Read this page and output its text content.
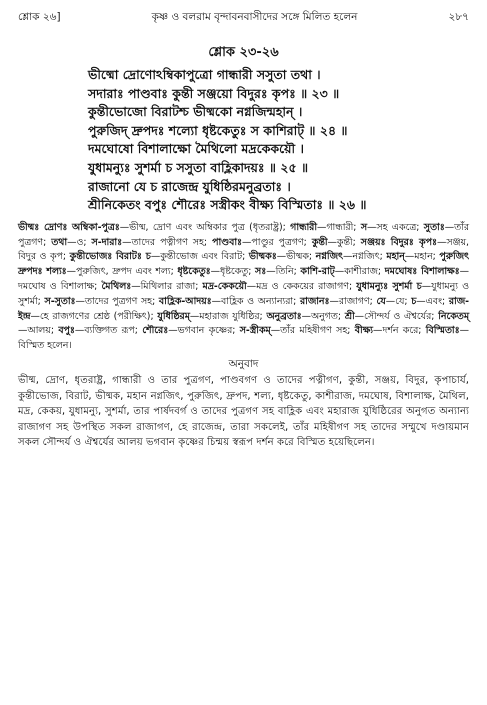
শ্লোক ২৬]	কৃষ্ণ ও বলরাম বৃন্দাবনবাসীদের সঙ্গে মিলিত হলেন	২৮৭
শ্লোক ২৩-২৬
ভীষ্মো দ্রোণোঽম্বিকাপুত্রো গান্ধারী সসুতা তথা ।
সদারাঃ পাণ্ডবাঃ কুন্তী সঞ্জয়ো বিদুরঃ কৃপঃ ॥ ২৩ ॥
কুন্তীভোজো বিরাটশ্চ ভীষ্মকো নগ্নজিন্মহান্ ।
পুরুজিদ্ দ্রুপদঃ শল্যো ধৃষ্টকেতুঃ স কাশিরাট্ ॥ ২৪ ॥
দমঘোষো বিশালাক্ষো মৈথিলো মদ্রকেকয়ৌ ।
যুধামন্যুঃ সুশর্মা চ সসুতা বাহ্লিকাদয়ঃ ॥ ২৫ ॥
রাজানো যে চ রাজেন্দ্র যুধিষ্ঠিরমনুব্রতাঃ ।
শ্রীনিকেতং বপুঃ শৌরেঃ সস্ত্রীকং বীক্ষ্য বিস্মিতাঃ ॥ ২৬ ॥
ভীষ্মঃ দ্রোণঃ অম্বিকা-পুত্রঃ—ভীষ্ম, দ্রোণ এবং অম্বিকার পুত্র (ধৃতরাষ্ট্র); গান্ধারী—গান্ধারী; স—সহ একত্রে; সুতাঃ—তাঁর পুত্রগণ; তথা—ও; স-দারাঃ—তাদের পত্নীগণ সহ; পাণ্ডবাঃ—পাণ্ডুর পুত্রগণ; কুন্তী—কুন্তী; সঞ্জয়ঃ বিদুরঃ কৃপঃ—সঞ্জয়, বিদুর ও কৃপ; কুন্তীভোজঃ বিরাটঃ চ—কুন্তীভোজ এবং বিরাট; ভীষ্মকঃ—ভীষ্মক; নগ্নজিৎ—নগ্নজিৎ; মহান্—মহান; পুরুজিৎ দ্রুপদঃ শল্যঃ—পুরুজিৎ, দ্রুপদ এবং শল্য; ধৃষ্টকেতুঃ—ধৃষ্টকেতু; সঃ—তিনি; কাশি-রাট্—কাশীরাজ; দমঘোষঃ বিশালাক্ষঃ—দমঘোষ ও বিশালাক্ষ; মৈথিলঃ—মিথিলার রাজা; মদ্র-কেকয়ৌ—মদ্র ও কেকয়ের রাজাগণ; যুধামন্যুঃ সুশর্মা চ—যুধামন্যু ও সুশর্মা; স-সুতাঃ—তাদের পুত্রগণ সহ; বাহ্লিক-আদয়ঃ—বাহ্লিক ও অন্যান্যরা; রাজানঃ—রাজাগণ; যে—যে; চ—এবং; রাজ-ইন্দ্র—হে রাজগণের শ্রেষ্ঠ (পরীক্ষিৎ); যুধিষ্ঠিরম্—মহারাজ যুধিষ্ঠির; অনুব্রতাঃ—অনুগত; শ্রী—সৌন্দর্য ও ঐশ্বর্যের; নিকেতম্—আলয়; বপুঃ—ব্যক্তিগত রূপ; শৌরেঃ—ভগবান কৃষ্ণের; স-স্ত্রীকম্—তাঁর মহিষীগণ সহ; বীক্ষ্য—দর্শন করে; বিস্মিতাঃ—বিস্মিত হলেন।
অনুবাদ
ভীষ্ম, দ্রোণ, ধৃতরাষ্ট্র, গান্ধারী ও তার পুত্রগণ, পাণ্ডবগণ ও তাদের পত্নীগণ, কুন্তী, সঞ্জয়, বিদুর, কৃপাচার্য, কুন্তীভোজ, বিরাট, ভীষ্মক, মহান নগ্নজিৎ, পুরুজিৎ, দ্রুপদ, শল্য, ধৃষ্টকেতু, কাশীরাজ, দমঘোষ, বিশালাক্ষ, মৈথিল, মদ্র, কেকয়, যুধামন্যু, সুশর্মা, তার পার্ষদবর্গ ও তাদের পুত্রগণ সহ বাহ্লিক এবং মহারাজ যুধিষ্ঠিরের অনুগত অন্যান্য রাজাগণ সহ উপস্থিত সকল রাজাগণ, হে রাজেন্দ্র, তারা সকলেই, তাঁর মহিষীগণ সহ তাদের সম্মুখে দণ্ডায়মান সকল সৌন্দর্য ও ঐশ্বর্যের আলয় ভগবান কৃষ্ণের চিন্ময় স্বরূপ দর্শন করে বিস্মিত হয়েছিলেন।
